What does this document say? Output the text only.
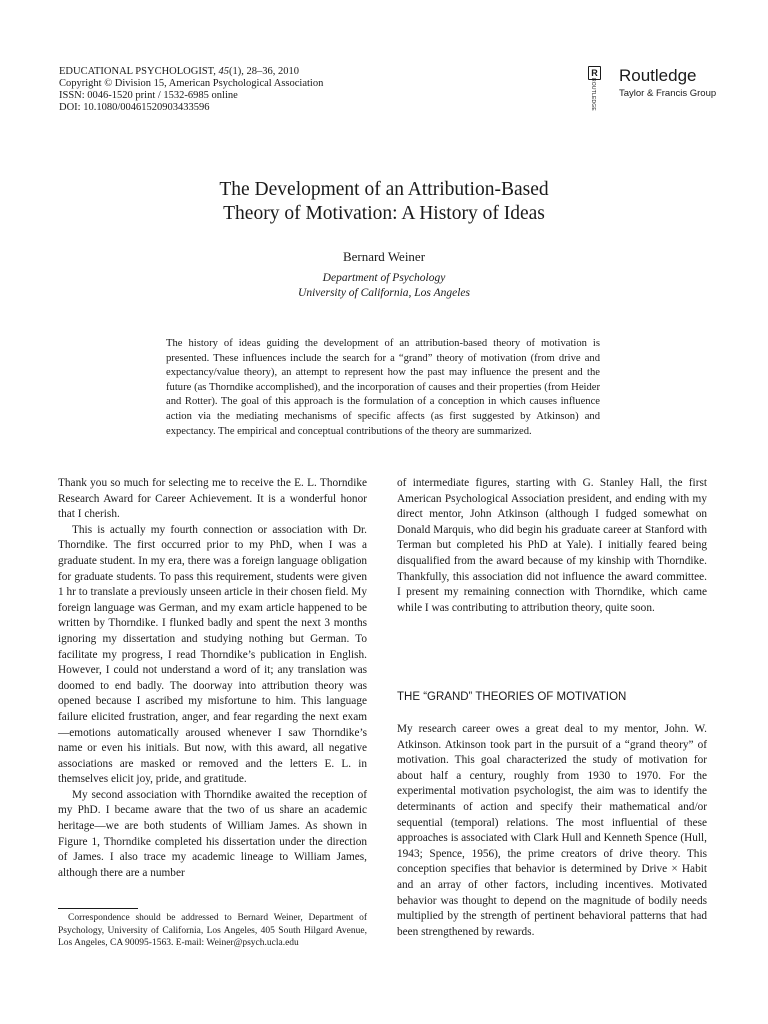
EDUCATIONAL PSYCHOLOGIST, 45(1), 28–36, 2010
Copyright © Division 15, American Psychological Association
ISSN: 0046-1520 print / 1532-6985 online
DOI: 10.1080/00461520903433596
R
ROUTLEDGE
Routledge
Taylor & Francis Group
The Development of an Attribution-Based
Theory of Motivation: A History of Ideas
Bernard Weiner
Department of Psychology
University of California, Los Angeles
The history of ideas guiding the development of an attribution-based theory of motivation is presented. These influences include the search for a “grand” theory of motivation (from drive and expectancy/value theory), an attempt to represent how the past may influence the present and the future (as Thorndike accomplished), and the incorporation of causes and their properties (from Heider and Rotter). The goal of this approach is the formulation of a conception in which causes influence action via the mediating mechanisms of specific affects (as first suggested by Atkinson) and expectancy. The empirical and conceptual contributions of the theory are summarized.

Thank you so much for selecting me to receive the E. L. Thorndike Research Award for Career Achievement. It is a wonderful honor that I cherish.

This is actually my fourth connection or association with Dr. Thorndike. The first occurred prior to my PhD, when I was a graduate student. In my era, there was a foreign language obligation for graduate students. To pass this requirement, students were given 1 hr to translate a previously unseen article in their chosen field. My foreign language was German, and my exam article happened to be written by Thorndike. I flunked badly and spent the next 3 months ignoring my dissertation and studying nothing but German. To facilitate my progress, I read Thorndike’s publication in English. However, I could not understand a word of it; any translation was doomed to end badly. The doorway into attribution theory was opened because I ascribed my misfortune to him. This language failure elicited frustration, anger, and fear regarding the next exam—emotions automatically aroused whenever I saw Thorndike’s name or even his initials. But now, with this award, all negative associations are masked or removed and the letters E. L. in themselves elicit joy, pride, and gratitude.

My second association with Thorndike awaited the reception of my PhD. I became aware that the two of us share an academic heritage—we are both students of William James. As shown in Figure 1, Thorndike completed his dissertation under the direction of James. I also trace my academic lineage to William James, although there are a number

of intermediate figures, starting with G. Stanley Hall, the first American Psychological Association president, and ending with my direct mentor, John Atkinson (although I fudged somewhat on Donald Marquis, who did begin his graduate career at Stanford with Terman but completed his PhD at Yale). I initially feared being disqualified from the award because of my kinship with Thorndike. Thankfully, this association did not influence the award committee. I present my remaining connection with Thorndike, which came while I was contributing to attribution theory, quite soon.

THE “GRAND” THEORIES OF MOTIVATION

My research career owes a great deal to my mentor, John. W. Atkinson. Atkinson took part in the pursuit of a “grand theory” of motivation. This goal characterized the study of motivation for about half a century, roughly from 1930 to 1970. For the experimental motivation psychologist, the aim was to identify the determinants of action and specify their mathematical and/or sequential (temporal) relations. The most influential of these approaches is associated with Clark Hull and Kenneth Spence (Hull, 1943; Spence, 1956), the prime creators of drive theory. This conception specifies that behavior is determined by Drive × Habit and an array of other factors, including incentives. Motivated behavior was thought to depend on the magnitude of bodily needs multiplied by the strength of pertinent behavioral patterns that had been strengthened by rewards.

Correspondence should be addressed to Bernard Weiner, Department of Psychology, University of California, Los Angeles, 405 South Hilgard Avenue, Los Angeles, CA 90095-1563. E-mail: Weiner@psych.ucla.edu
